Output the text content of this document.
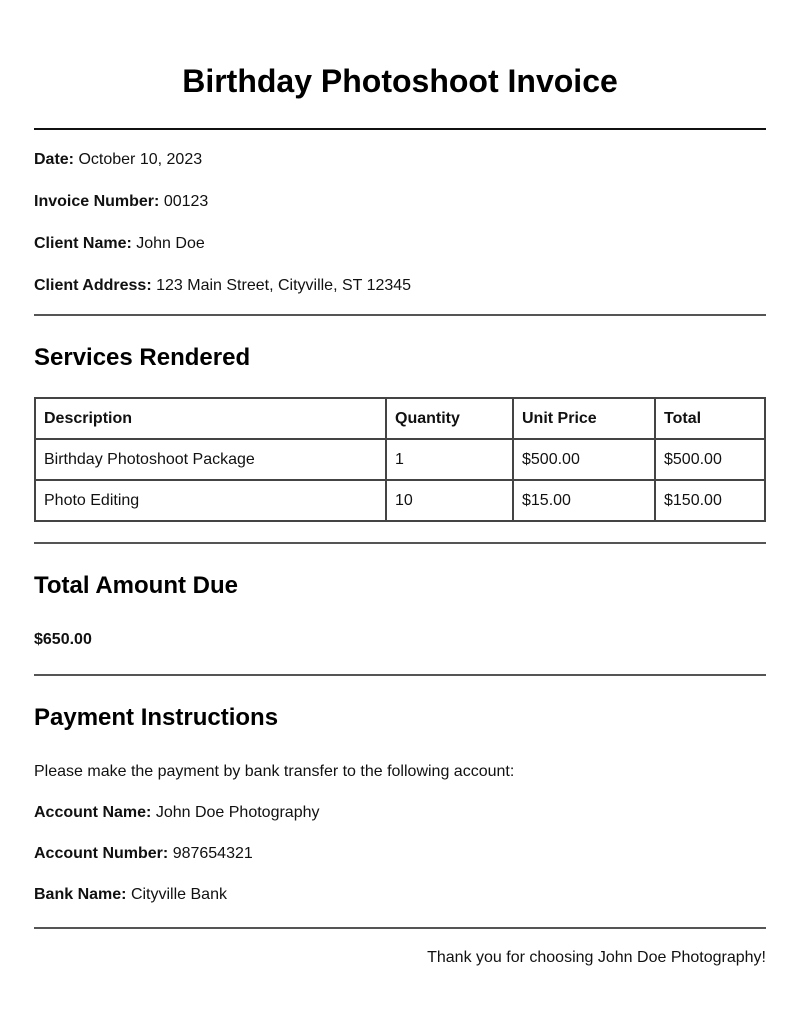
Birthday Photoshoot Invoice

Date: October 10, 2023

Invoice Number: 00123

Client Name: John Doe

Client Address: 123 Main Street, Cityville, ST 12345

Services Rendered
Description	Quantity	Unit Price	Total
Birthday Photoshoot Package	1	$500.00	$500.00
Photo Editing	10	$15.00	$150.00
Total Amount Due

$650.00

Payment Instructions

Please make the payment by bank transfer to the following account:

Account Name: John Doe Photography

Account Number: 987654321

Bank Name: Cityville Bank

Thank you for choosing John Doe Photography!
